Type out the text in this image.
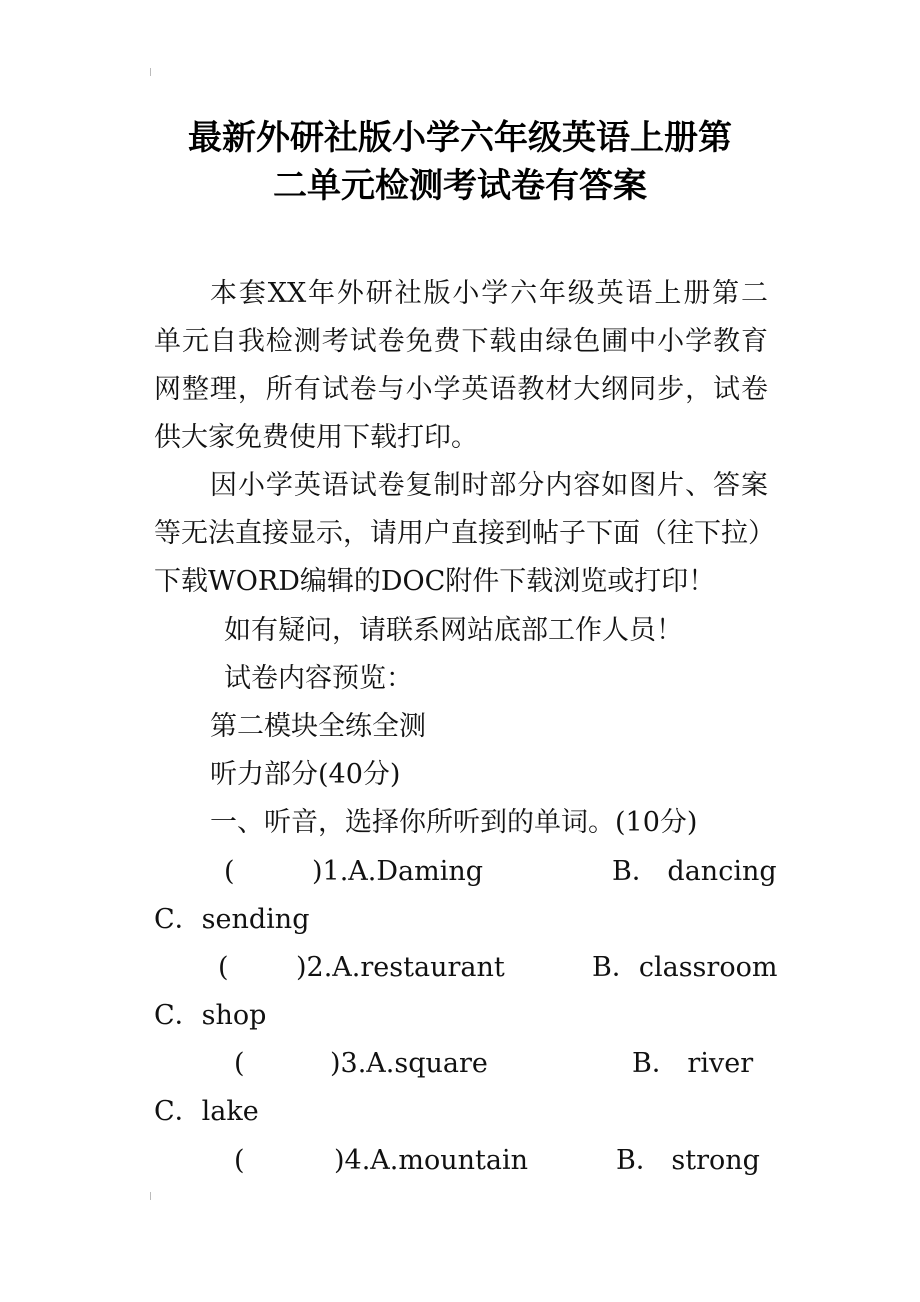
最新外研社版小学六年级英语上册第
二单元检测考试卷有答案
本套XX年外研社版小学六年级英语上册第二
单元自我检测考试卷免费下载由绿色圃中小学教育
网整理，所有试卷与小学英语教材大纲同步，试卷
供大家免费使用下载打印。
因小学英语试卷复制时部分内容如图片、答案
等无法直接显示，请用户直接到帖子下面（往下拉）
下载WORD编辑的DOC附件下载浏览或打印！
如有疑问，请联系网站底部工作人员！
试卷内容预览：
第二模块全练全测
听力部分(40分)
一、听音，选择你所听到的单词。(10分)
(	)1.A.Daming	B． dancing
C．sending
( )2.A.restaurant	B．classroom
C．shop
(	)3.A.square	B． river
C．lake
(	)4.A.mountain	B． strong
